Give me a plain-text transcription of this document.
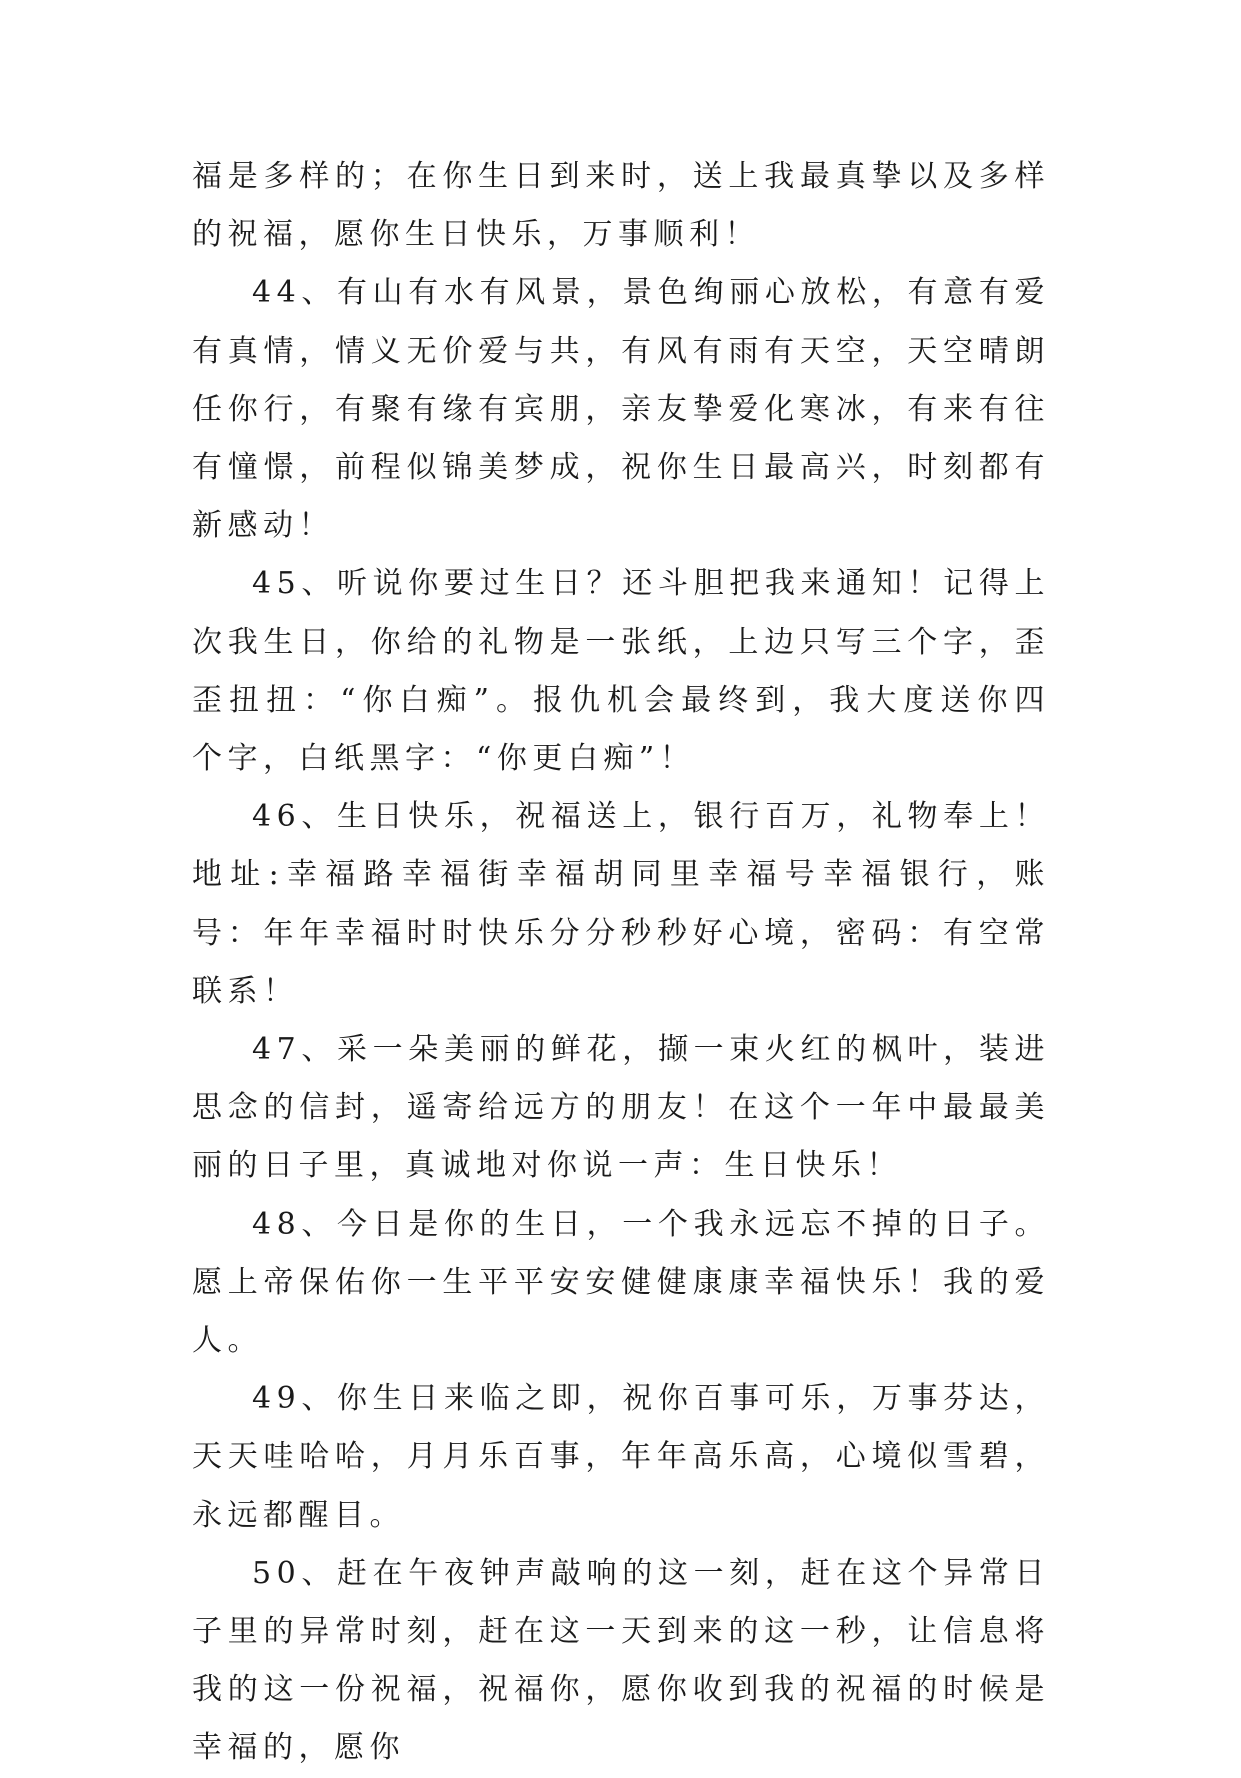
福是多样的；在你生日到来时，送上我最真挚以及多样的祝福，愿你生日快乐，万事顺利！

44、有山有水有风景，景色绚丽心放松，有意有爱有真情，情义无价爱与共，有风有雨有天空，天空晴朗任你行，有聚有缘有宾朋，亲友挚爱化寒冰，有来有往有憧憬，前程似锦美梦成，祝你生日最高兴，时刻都有新感动！

45、听说你要过生日？还斗胆把我来通知！记得上次我生日，你给的礼物是一张纸，上边只写三个字，歪歪扭扭：“你白痴”。报仇机会最终到，我大度送你四个字，白纸黑字：“你更白痴”！

46、生日快乐，祝福送上，银行百万，礼物奉上！地址:幸福路幸福街幸福胡同里幸福号幸福银行，账号：年年幸福时时快乐分分秒秒好心境，密码：有空常联系！

47、采一朵美丽的鲜花，撷一束火红的枫叶，装进思念的信封，遥寄给远方的朋友！在这个一年中最最美丽的日子里，真诚地对你说一声：生日快乐！

48、今日是你的生日，一个我永远忘不掉的日子。愿上帝保佑你一生平平安安健健康康幸福快乐！我的爱人。

49、你生日来临之即，祝你百事可乐，万事芬达，天天哇哈哈，月月乐百事，年年高乐高，心境似雪碧，永远都醒目。

50、赶在午夜钟声敲响的这一刻，赶在这个异常日子里的异常时刻，赶在这一天到来的这一秒，让信息将我的这一份祝福，祝福你，愿你收到我的祝福的时候是幸福的，愿你
